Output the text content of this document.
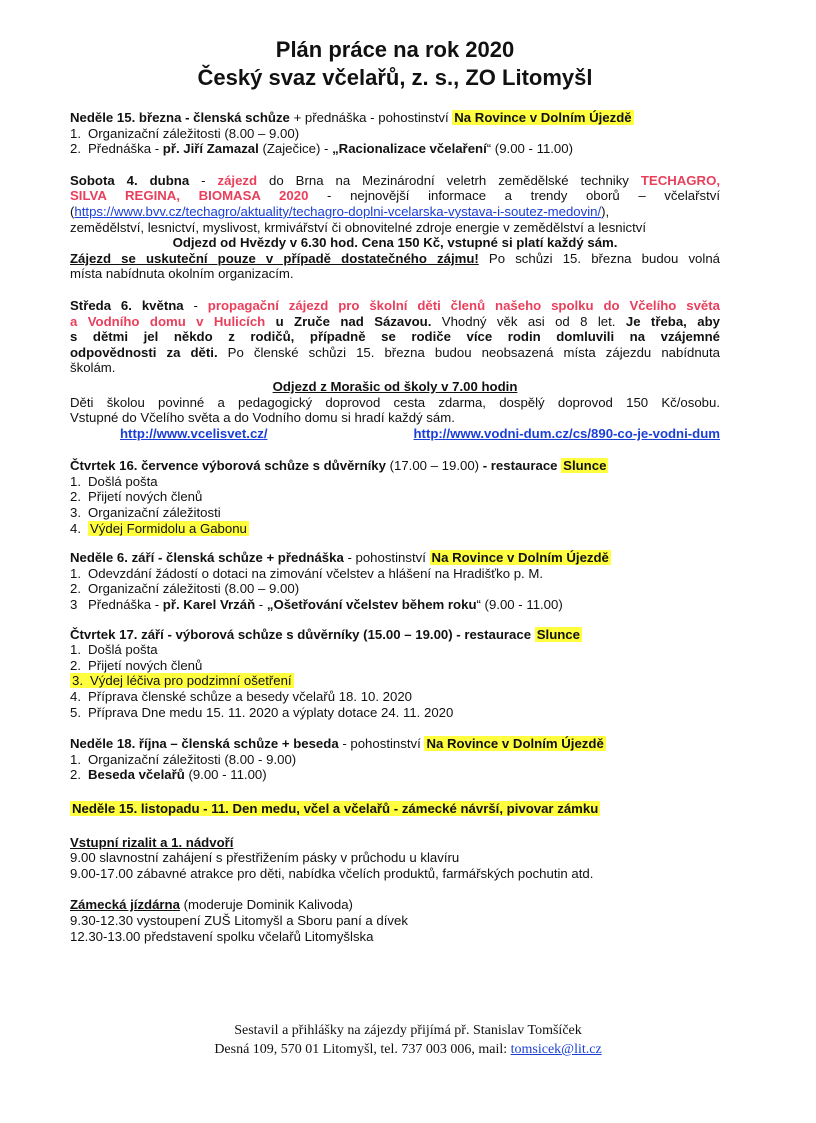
Plán práce na rok 2020
Český svaz včelařů, z. s., ZO Litomyšl
Neděle 15. března - členská schůze + přednáška - pohostinství Na Rovince v Dolním Újezdě
1. Organizační záležitosti (8.00 – 9.00)
2. Přednáška - př. Jiří Zamazal (Zaječice) - „Racionalizace včelaření“ (9.00 - 11.00)
Sobota 4. dubna - zájezd do Brna na Mezinárodní veletrh zemědělské techniky TECHAGRO,
SILVA REGINA, BIOMASA 2020 - nejnovější informace a trendy oborů – včelařství
(https://www.bvv.cz/techagro/aktuality/techagro-doplni-vcelarska-vystava-i-soutez-medovin/),
zemědělství, lesnictví, myslivost, krmivářství či obnovitelné zdroje energie v zemědělství a lesnictví
Odjezd od Hvězdy v 6.30 hod. Cena 150 Kč, vstupné si platí každý sám.
Zájezd se uskuteční pouze v případě dostatečného zájmu! Po schůzi 15. března budou volná
místa nabídnuta okolním organizacím.
Středa 6. května - propagační zájezd pro školní děti členů našeho spolku do Včelího světa
a Vodního domu v Hulicích u Zruče nad Sázavou. Vhodný věk asi od 8 let. Je třeba, aby
s dětmi jel někdo z rodičů, případně se rodiče více rodin domluvili na vzájemné
odpovědnosti za děti. Po členské schůzi 15. března budou neobsazená místa zájezdu nabídnuta
školám.
Odjezd z Morašic od školy v 7.00 hodin
Děti školou povinné a pedagogický doprovod cesta zdarma, dospělý doprovod 150 Kč/osobu.
Vstupné do Včelího světa a do Vodního domu si hradí každý sám.
http://www.vcelisvet.cz/	http://www.vodni-dum.cz/cs/890-co-je-vodni-dum
Čtvrtek 16. července výborová schůze s důvěrníky (17.00 – 19.00) - restaurace Slunce
1. Došlá pošta
2. Přijetí nových členů
3. Organizační záležitosti
4. Výdej Formidolu a Gabonu
Neděle 6. září - členská schůze + přednáška - pohostinství Na Rovince v Dolním Újezdě
1. Odevzdání žádostí o dotaci na zimování včelstev a hlášení na Hradišťko p. M.
2. Organizační záležitosti (8.00 – 9.00)
3 Přednáška - př. Karel Vrzáň - „Ošetřování včelstev během roku“ (9.00 - 11.00)
Čtvrtek 17. září - výborová schůze s důvěrníky (15.00 – 19.00) - restaurace Slunce
1. Došlá pošta
2. Přijetí nových členů
3. Výdej léčiva pro podzimní ošetření
4. Příprava členské schůze a besedy včelařů 18. 10. 2020
5. Příprava Dne medu 15. 11. 2020 a výplaty dotace 24. 11. 2020
Neděle 18. října – členská schůze + beseda - pohostinství Na Rovince v Dolním Újezdě
1. Organizační záležitosti (8.00 - 9.00)
2. Beseda včelařů (9.00 - 11.00)
Neděle 15. listopadu - 11. Den medu, včel a včelařů - zámecké návrší, pivovar zámku
Vstupní rizalit a 1. nádvoří
9.00 slavnostní zahájení s přestřižením pásky v průchodu u klavíru
9.00-17.00 zábavné atrakce pro děti, nabídka včelích produktů, farmářských pochutin atd.
Zámecká jízdárna (moderuje Dominik Kalivoda)
9.30-12.30 vystoupení ZUŠ Litomyšl a Sboru paní a dívek
12.30-13.00 představení spolku včelařů Litomyšlska
Sestavil a přihlášky na zájezdy přijímá př. Stanislav Tomšíček
Desná 109, 570 01 Litomyšl, tel. 737 003 006, mail: tomsicek@lit.cz
